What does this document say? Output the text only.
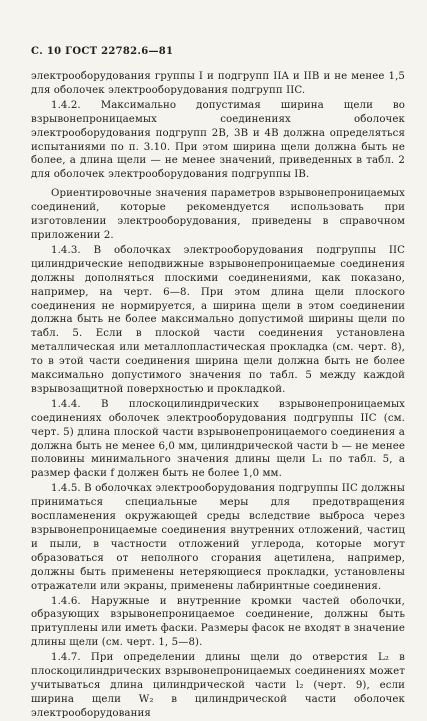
С. 10 ГОСТ 22782.6—81

электрооборудования группы I и подгрупп IIA и IIB и не менее 1,5 для оболочек электрооборудования подгрупп IIC.

1.4.2. Максимально допустимая ширина щели во взрывонепроницаемых соединениях оболочек электрооборудования подгрупп 2B, 3B и 4B должна определяться испытаниями по п. 3.10. При этом ширина щели должна быть не более, а длина щели — не менее значений, приведенных в табл. 2 для оболочек электрооборудования подгруппы IB.

Ориентировочные значения параметров взрывонепроницаемых соединений, которые рекомендуется использовать при изготовлении электрооборудования, приведены в справочном приложении 2.

1.4.3. В оболочках электрооборудования подгруппы IIC цилиндрические неподвижные взрывонепроницаемые соединения должны дополняться плоскими соединениями, как показано, например, на черт. 6—8. При этом длина щели плоского соединения не нормируется, а ширина щели в этом соединении должна быть не более максимально допустимой ширины щели по табл. 5. Если в плоской части соединения установлена металлическая или металлопластическая прокладка (см. черт. 8), то в этой части соединения ширина щели должна быть не более максимально допустимого значения по табл. 5 между каждой взрывозащитной поверхностью и прокладкой.

1.4.4. В плоскоцилиндрических взрывонепроницаемых соединениях оболочек электрооборудования подгруппы IIC (см. черт. 5) длина плоской части взрывонепроницаемого соединения a должна быть не менее 6,0 мм, цилиндрической части b — не менее половины минимального значения длины щели L₁ по табл. 5, а размер фаски f должен быть не более 1,0 мм.

1.4.5. В оболочках электрооборудования подгруппы IIC должны приниматься специальные меры для предотвращения воспламенения окружающей среды вследствие выброса через взрывонепроницаемые соединения внутренних отложений, частиц и пыли, в частности отложений углерода, которые могут образоваться от неполного сгорания ацетилена, например, должны быть применены нетеряющиеся прокладки, установлены отражатели или экраны, применены лабиринтные соединения.

1.4.6. Наружные и внутренние кромки частей оболочки, образующих взрывонепроницаемое соединение, должны быть притуплены или иметь фаски. Размеры фасок не входят в значение длины щели (см. черт. 1, 5—8).

1.4.7. При определении длины щели до отверстия L₂ в плоскоцилиндрических взрывонепроницаемых соединениях может учитываться длина цилиндрической части l₂ (черт. 9), если ширина щели W₂ в цилиндрической части оболочек электрооборудования
